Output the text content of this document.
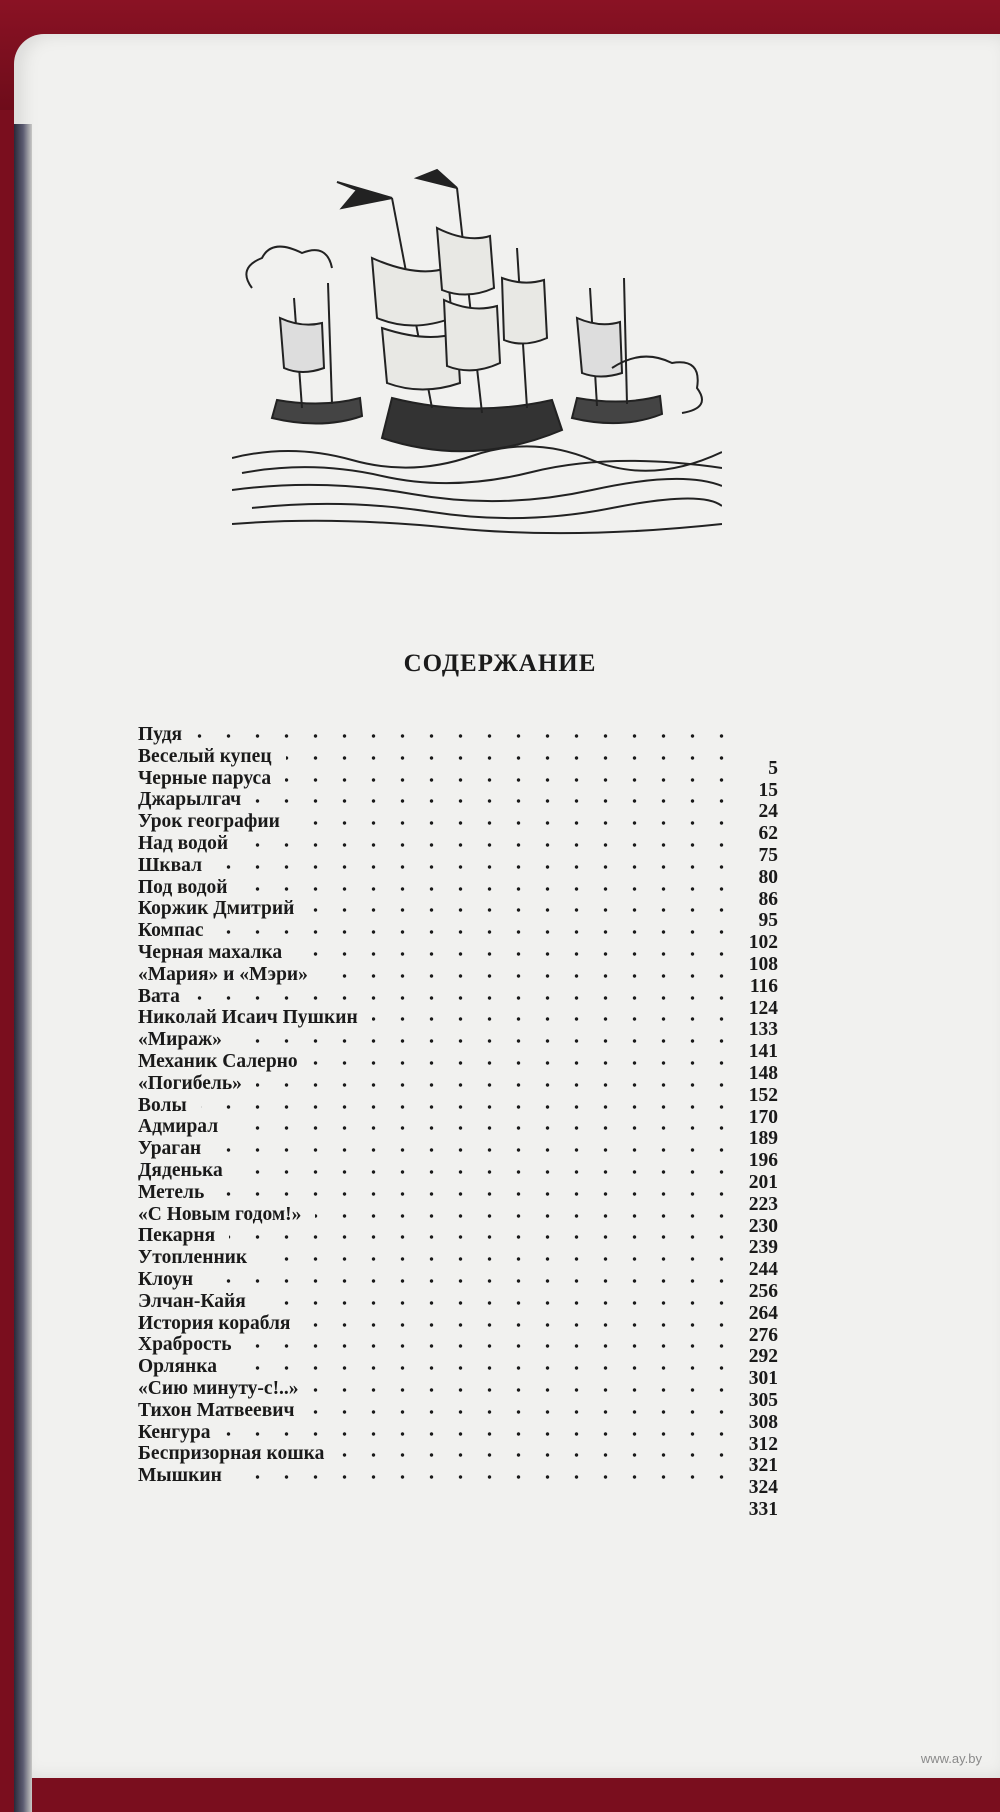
СОДЕРЖАНИЕ
Пудя
Веселый купец
5
Черные паруса
15
Джарылгач
24
Урок географии
62
Над водой
75
Шквал
80
Под водой
86
Коржик Дмитрий
95
Компас
102
Черная махалка
108
«Мария» и «Мэри»
116
Вата
124
Николай Исаич Пушкин
133
«Мираж»
141
Механик Салерно
148
«Погибель»
152
Волы
170
Адмирал
189
Ураган
196
Дяденька
201
Метель
223
«С Новым годом!»
230
Пекарня
239
Утопленник
244
Клоун
256
Элчан-Кайя
264
История корабля
276
Храбрость
292
Орлянка
301
«Сию минуту-с!..»
305
Тихон Матвеевич
308
Кенгура
312
Беспризорная кошка
321
Мышкин
324
331
www.ay.by
